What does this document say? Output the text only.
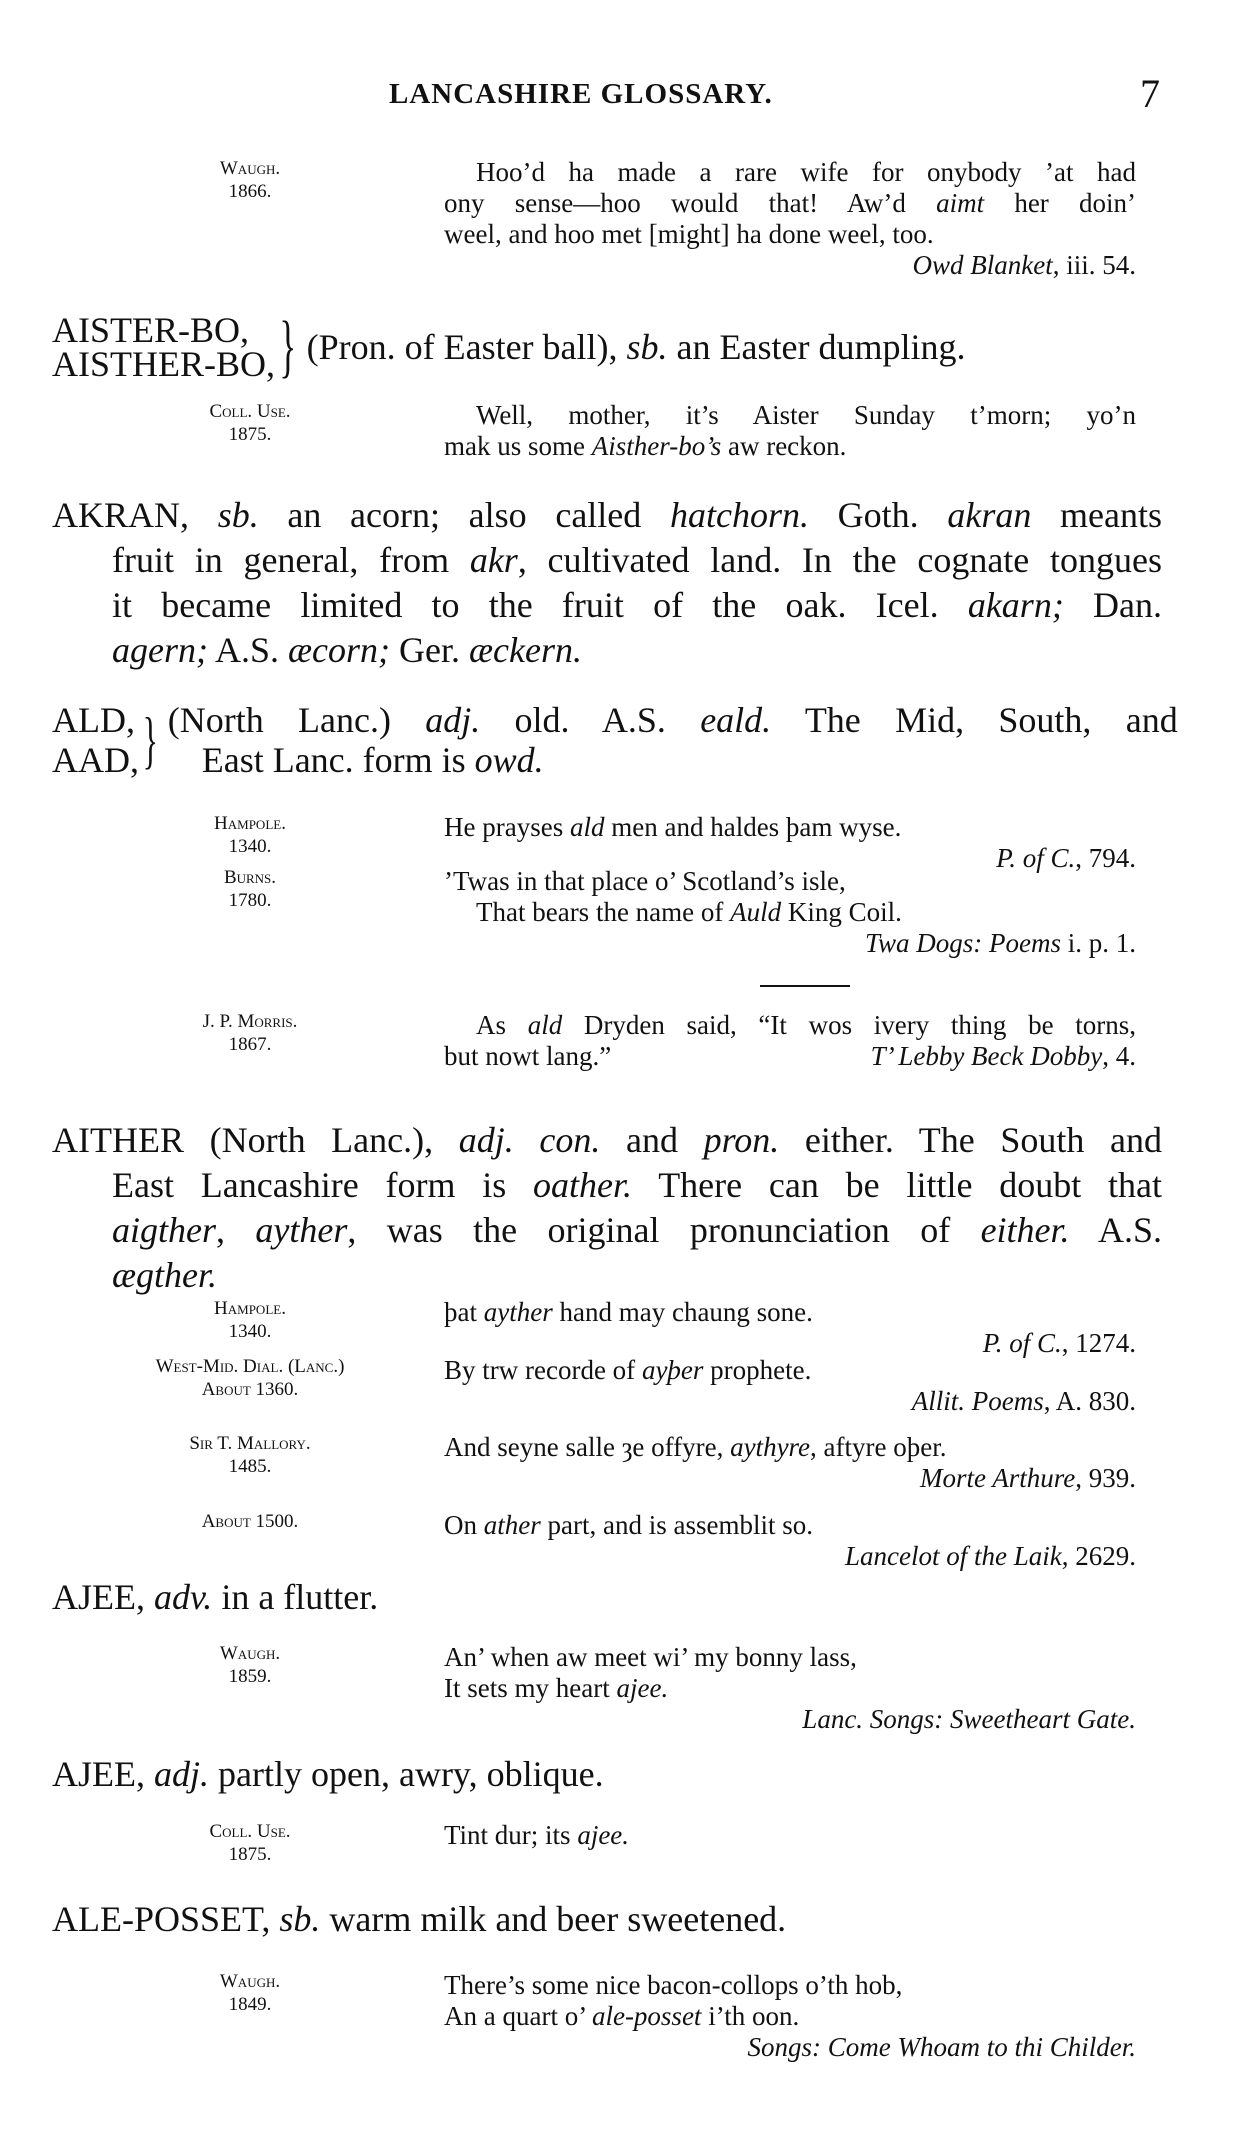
LANCASHIRE GLOSSARY.	7
Waugh.
1866.
Hoo’d ha made a rare wife for onybody ’at had
ony sense—hoo would that! Aw’d aimt her doin’
weel, and hoo met [might] ha done weel, too.
Owd Blanket, iii. 54.
AISTER-BO,
AISTHER-BO, } (Pron. of Easter ball), sb. an Easter dumpling.
Coll. Use.
1875.
Well, mother, it’s Aister Sunday t’morn; yo’n
mak us some Aisther-bo’s aw reckon.
AKRAN, sb. an acorn; also called hatchorn. Goth. akran meants
fruit in general, from akr, cultivated land. In the cognate tongues
it became limited to the fruit of the oak. Icel. akarn; Dan.
agern; A.S. æcorn; Ger. æckern.
ALD,
AAD, } (North Lanc.) adj. old. A.S. eald. The Mid, South, and
East Lanc. form is owd.
Hampole.
1340.
He prayses ald men and haldes þam wyse.
P. of C., 794.
Burns.
1780.
’Twas in that place o’ Scotland’s isle,
That bears the name of Auld King Coil.
Twa Dogs: Poems i. p. 1.
J. P. Morris.
1867.
As ald Dryden said, “It wos ivery thing be torns,
but nowt lang.”	T’ Lebby Beck Dobby, 4.
AITHER (North Lanc.), adj. con. and pron. either. The South and
East Lancashire form is oather. There can be little doubt that
aigther, ayther, was the original pronunciation of either. A.S.
ægther.
Hampole.
1340.
þat ayther hand may chaung sone.
P. of C., 1274.
West-Mid. Dial. (Lanc.)
About 1360.
By trw recorde of ayþer prophete.
Allit. Poems, A. 830.
Sir T. Mallory.
1485.
And seyne salle ȝe offyre, aythyre, aftyre oþer.
Morte Arthure, 939.
About 1500.	On ather part, and is assemblit so.
Lancelot of the Laik, 2629.
AJEE, adv. in a flutter.
Waugh.
1859.
An’ when aw meet wi’ my bonny lass,
It sets my heart ajee.
Lanc. Songs: Sweetheart Gate.
AJEE, adj. partly open, awry, oblique.
Coll. Use.
1875.
Tint dur; its ajee.
ALE-POSSET, sb. warm milk and beer sweetened.
Waugh.
1849.
There’s some nice bacon-collops o’th hob,
An a quart o’ ale-posset i’th oon.
Songs: Come Whoam to thi Childer.
